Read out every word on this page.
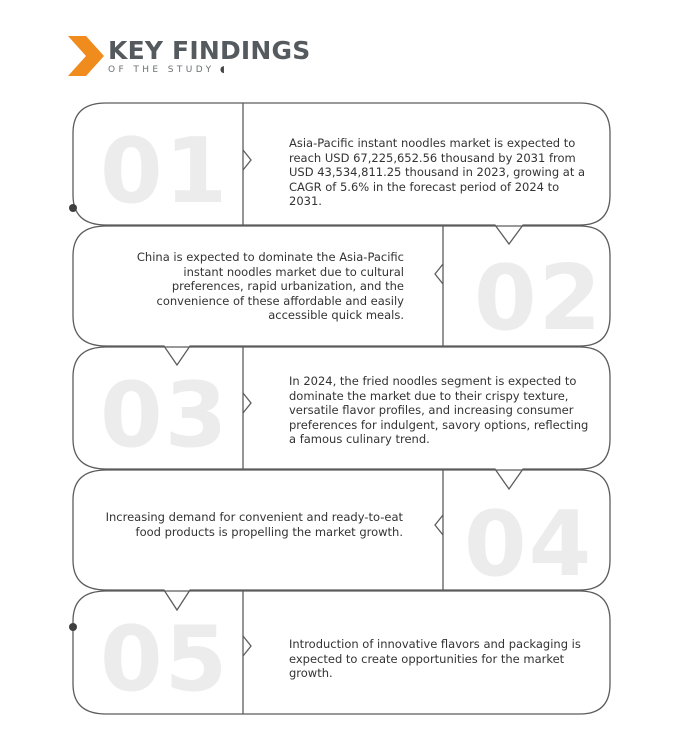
KEY FINDINGS
OF THE STUDY ◖
01
02
03
04
05
Asia-Pacific instant noodles market is expected to reach USD 67,225,652.56 thousand by 2031 from USD 43,534,811.25 thousand in 2023, growing at a CAGR of 5.6% in the forecast period of 2024 to 2031.
China is expected to dominate the Asia-Pacific instant noodles market due to cultural preferences, rapid urbanization, and the convenience of these affordable and easily accessible quick meals.
In 2024, the fried noodles segment is expected to dominate the market due to their crispy texture, versatile flavor profiles, and increasing consumer preferences for indulgent, savory options, reflecting a famous culinary trend.
Increasing demand for convenient and ready-to-eat food products is propelling the market growth.
Introduction of innovative flavors and packaging is expected to create opportunities for the market growth.
